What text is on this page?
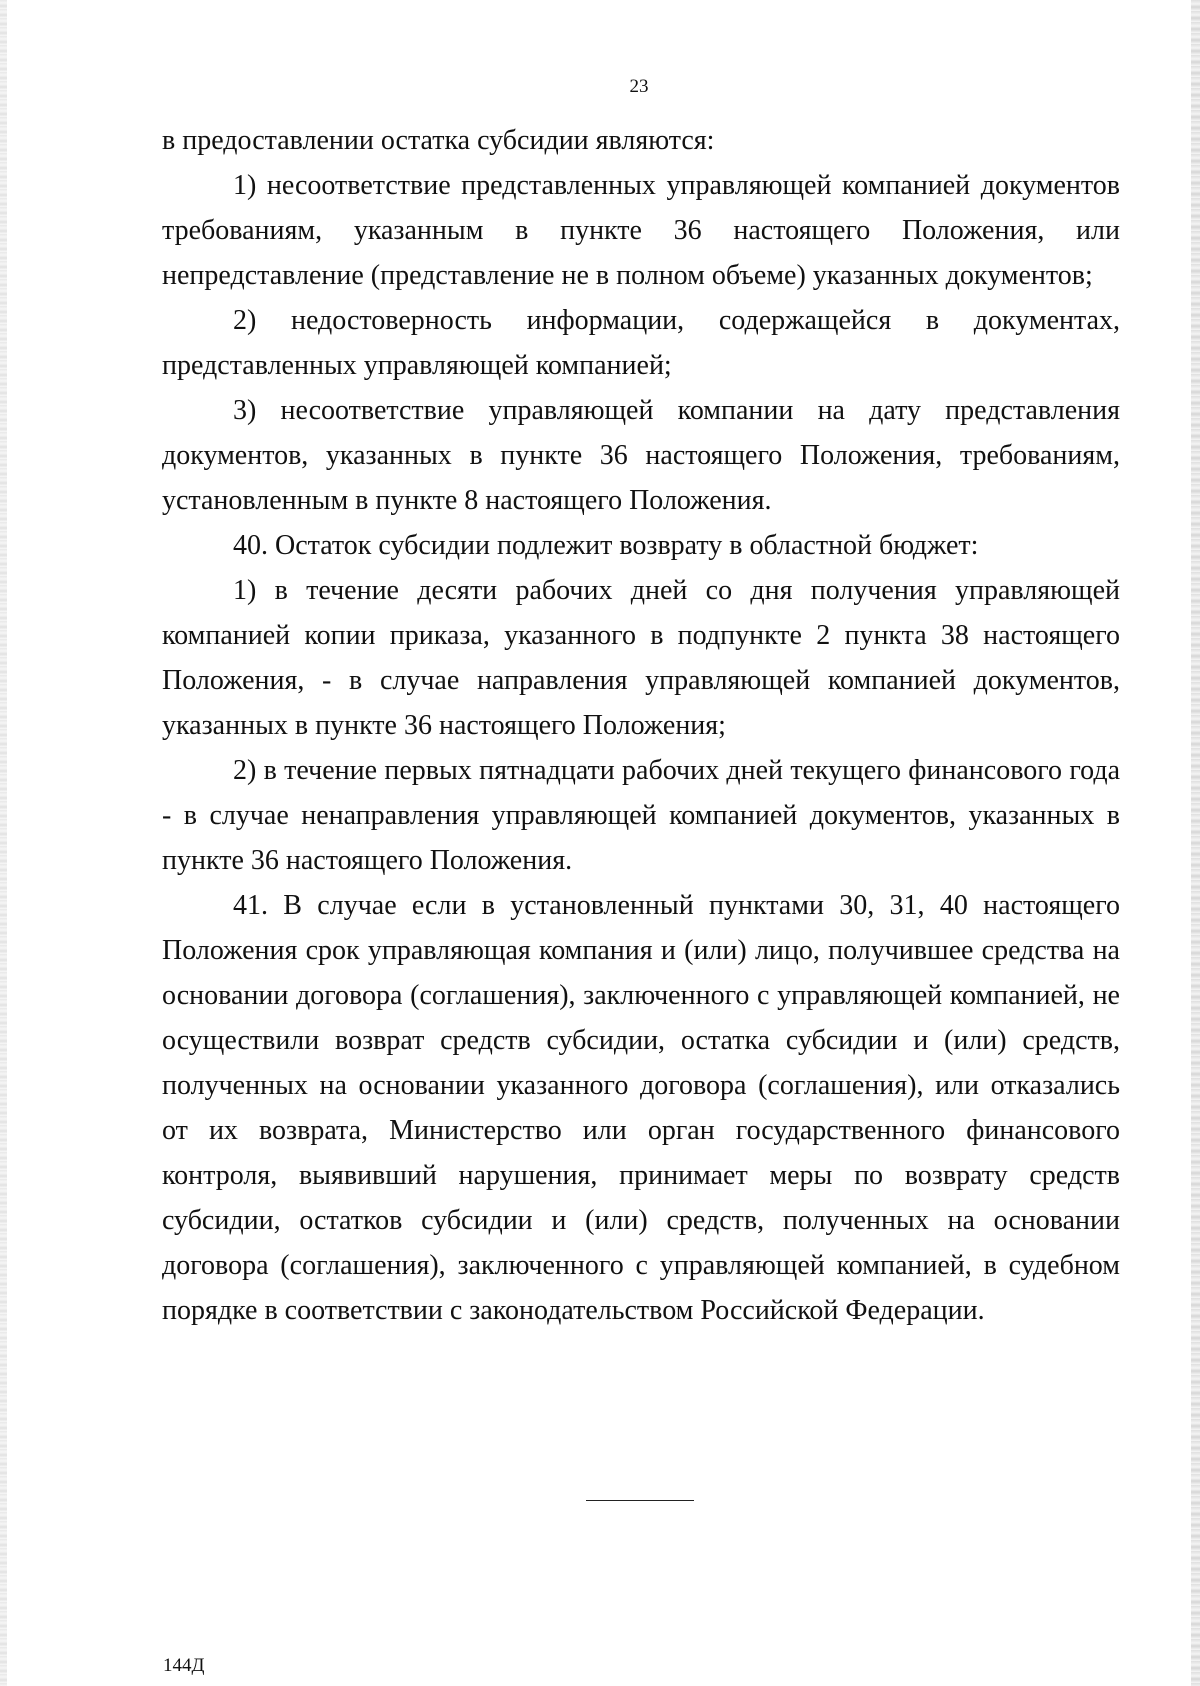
23

в предоставлении остатка субсидии являются:

1) несоответствие представленных управляющей компанией документов требованиям, указанным в пункте 36 настоящего Положения, или непредставление (представление не в полном объеме) указанных документов;

2) недостоверность информации, содержащейся в документах, представленных управляющей компанией;

3) несоответствие управляющей компании на дату представления документов, указанных в пункте 36 настоящего Положения, требованиям, установленным в пункте 8 настоящего Положения.

40. Остаток субсидии подлежит возврату в областной бюджет:

1) в течение десяти рабочих дней со дня получения управляющей компанией копии приказа, указанного в подпункте 2 пункта 38 настоящего Положения, - в случае направления управляющей компанией документов, указанных в пункте 36 настоящего Положения;

2) в течение первых пятнадцати рабочих дней текущего финансового года - в случае ненаправления управляющей компанией документов, указанных в пункте 36 настоящего Положения.

41. В случае если в установленный пунктами 30, 31, 40 настоящего Положения срок управляющая компания и (или) лицо, получившее средства на основании договора (соглашения), заключенного с управляющей компанией, не осуществили возврат средств субсидии, остатка субсидии и (или) средств, полученных на основании указанного договора (соглашения), или отказались от их возврата, Министерство или орган государственного финансового контроля, выявивший нарушения, принимает меры по возврату средств субсидии, остатков субсидии и (или) средств, полученных на основании договора (соглашения), заключенного с управляющей компанией, в судебном порядке в соответствии с законодательством Российской Федерации.

144Д
